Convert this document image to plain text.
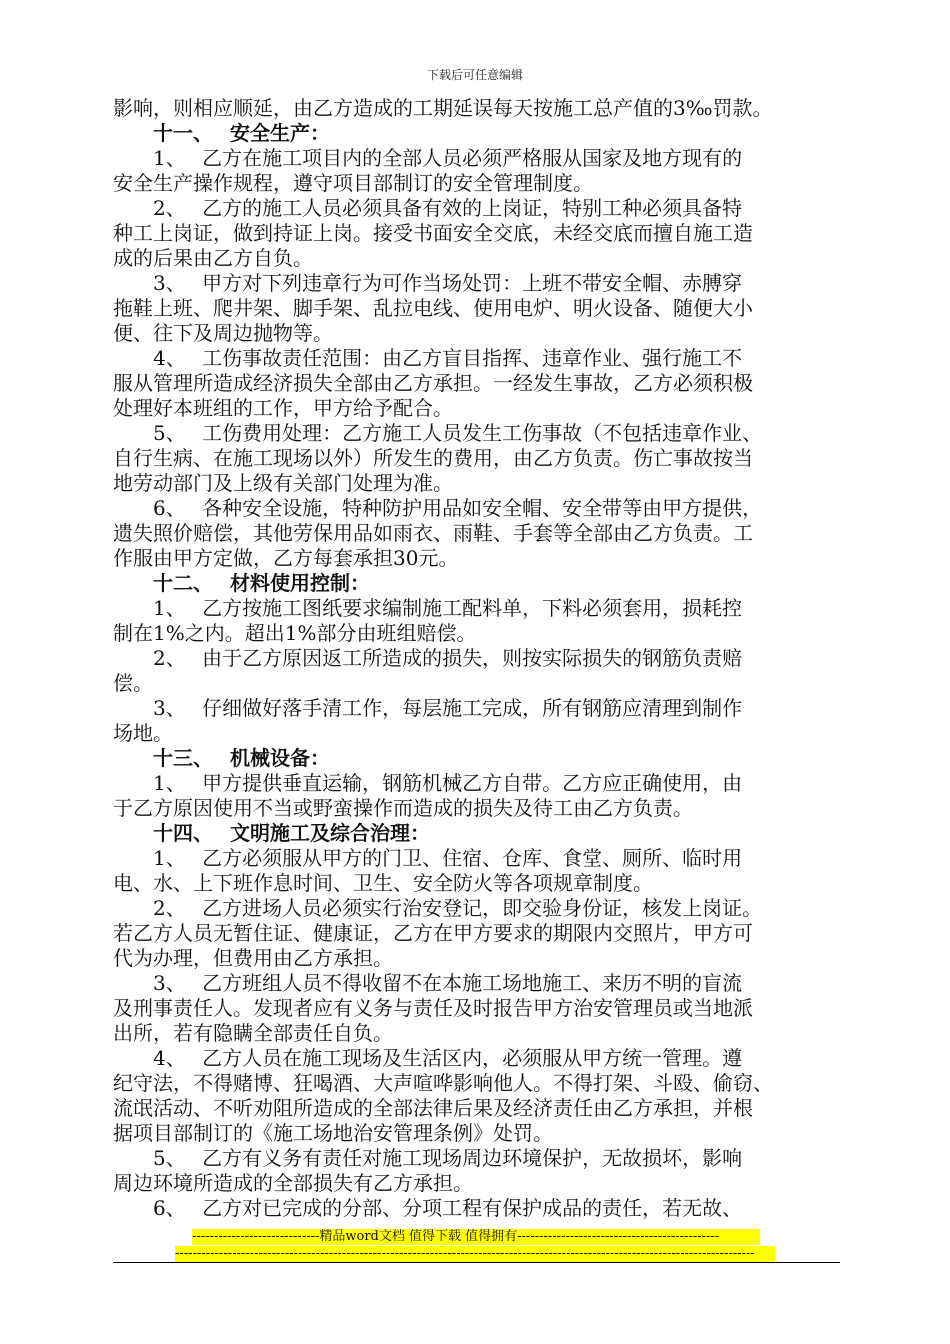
下载后可任意编辑
影响，则相应顺延，由乙方造成的工期延误每天按施工总产值的3‰罚款。
　　十一、　 安全生产：
　　1、　 乙方在施工项目内的全部人员必须严格服从国家及地方现有的
安全生产操作规程，遵守项目部制订的安全管理制度。
　　2、　 乙方的施工人员必须具备有效的上岗证，特别工种必须具备特
种工上岗证，做到持证上岗。接受书面安全交底，未经交底而擅自施工造
成的后果由乙方自负。
　　3、　 甲方对下列违章行为可作当场处罚：上班不带安全帽、赤膊穿
拖鞋上班、爬井架、脚手架、乱拉电线、使用电炉、明火设备、随便大小
便、往下及周边抛物等。
　　4、　 工伤事故责任范围：由乙方盲目指挥、违章作业、强行施工不
服从管理所造成经济损失全部由乙方承担。一经发生事故，乙方必须积极
处理好本班组的工作，甲方给予配合。
　　5、　 工伤费用处理：乙方施工人员发生工伤事故（不包括违章作业、
自行生病、在施工现场以外）所发生的费用，由乙方负责。伤亡事故按当
地劳动部门及上级有关部门处理为准。
　　6、　 各种安全设施，特种防护用品如安全帽、安全带等由甲方提供，
遗失照价赔偿，其他劳保用品如雨衣、雨鞋、手套等全部由乙方负责。工
作服由甲方定做，乙方每套承担30元。
　　十二、　 材料使用控制：
　　1、　 乙方按施工图纸要求编制施工配料单，下料必须套用，损耗控
制在1%之内。超出1%部分由班组赔偿。
　　2、　 由于乙方原因返工所造成的损失，则按实际损失的钢筋负责赔
偿。
　　3、　 仔细做好落手清工作，每层施工完成，所有钢筋应清理到制作
场地。
　　十三、　 机械设备：
　　1、　 甲方提供垂直运输，钢筋机械乙方自带。乙方应正确使用，由
于乙方原因使用不当或野蛮操作而造成的损失及待工由乙方负责。
　　十四、　 文明施工及综合治理：
　　1、　 乙方必须服从甲方的门卫、住宿、仓库、食堂、厕所、临时用
电、水、上下班作息时间、卫生、安全防火等各项规章制度。
　　2、　 乙方进场人员必须实行治安登记，即交验身份证，核发上岗证。
若乙方人员无暂住证、健康证，乙方在甲方要求的期限内交照片，甲方可
代为办理，但费用由乙方承担。
　　3、　 乙方班组人员不得收留不在本施工场地施工、来历不明的盲流
及刑事责任人。发现者应有义务与责任及时报告甲方治安管理员或当地派
出所，若有隐瞒全部责任自负。
　　4、　 乙方人员在施工现场及生活区内，必须服从甲方统一管理。遵
纪守法，不得赌博、狂喝酒、大声喧哗影响他人。不得打架、斗殴、偷窃、
流氓活动、不听劝阻所造成的全部法律后果及经济责任由乙方承担，并根
据项目部制订的《施工场地治安管理条例》处罚。
　　5、　 乙方有义务有责任对施工现场周边环境保护，无故损坏，影响
周边环境所造成的全部损失有乙方承担。
　　6、　 乙方对已完成的分部、分项工程有保护成品的责任，若无故、
-----------------------------精品word文档 值得下载 值得拥有----------------------------------------------
------------------------------------------------------------------------------------------------------------------------------------
